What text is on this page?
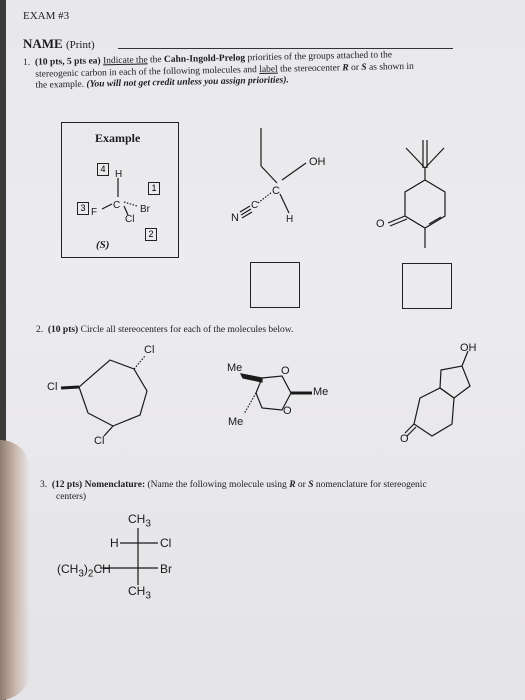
EXAM #3
NAME (Print)
1. (10 pts, 5 pts ea) Indicate the the Cahn-Ingold-Prelog priorities of the groups attached to the
stereogenic carbon in each of the following molecules and label the stereocenter R or S as shown in
the example. (You will not get credit unless you assign priorities).
Example
4 H
1
3 F
C Br
Cl
2
(S)
OH
N
C
C
H	O
2. (10 pts) Circle all stereocenters for each of the molecules below.
Cl
Cl
Cl
Me	O
Me
O
Me
OH
O
3. (12 pts) Nomenclature: (Name the following molecule using R or S nomenclature for stereogenic
centers)
$CH_3$
H	Cl
$(CH_3)_2CH$	Br
$CH_3$
